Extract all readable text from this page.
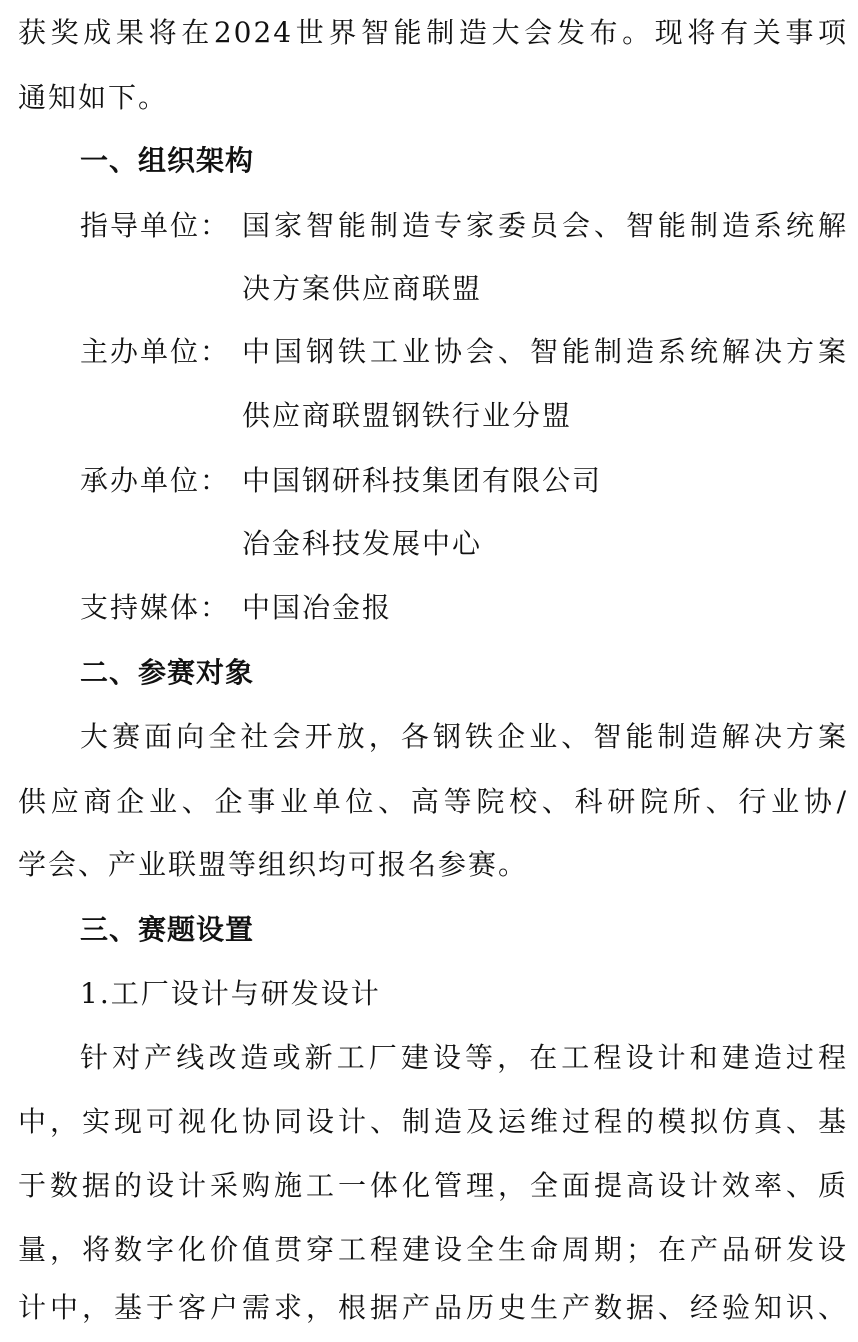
获奖成果将在2024世界智能制造大会发布。现将有关事项
通知如下。
一、组织架构
指导单位： 国家智能制造专家委员会、智能制造系统解
决方案供应商联盟
主办单位： 中国钢铁工业协会、智能制造系统解决方案
供应商联盟钢铁行业分盟
承办单位： 中国钢研科技集团有限公司
冶金科技发展中心
支持媒体： 中国冶金报
二、参赛对象
大赛面向全社会开放，各钢铁企业、智能制造解决方案
供应商企业、企事业单位、高等院校、科研院所、行业协/
学会、产业联盟等组织均可报名参赛。
三、赛题设置
1.工厂设计与研发设计
针对产线改造或新工厂建设等，在工程设计和建造过程
中，实现可视化协同设计、制造及运维过程的模拟仿真、基
于数据的设计采购施工一体化管理，全面提高设计效率、质
量，将数字化价值贯穿工程建设全生命周期；在产品研发设
计中，基于客户需求，根据产品历史生产数据、经验知识、
